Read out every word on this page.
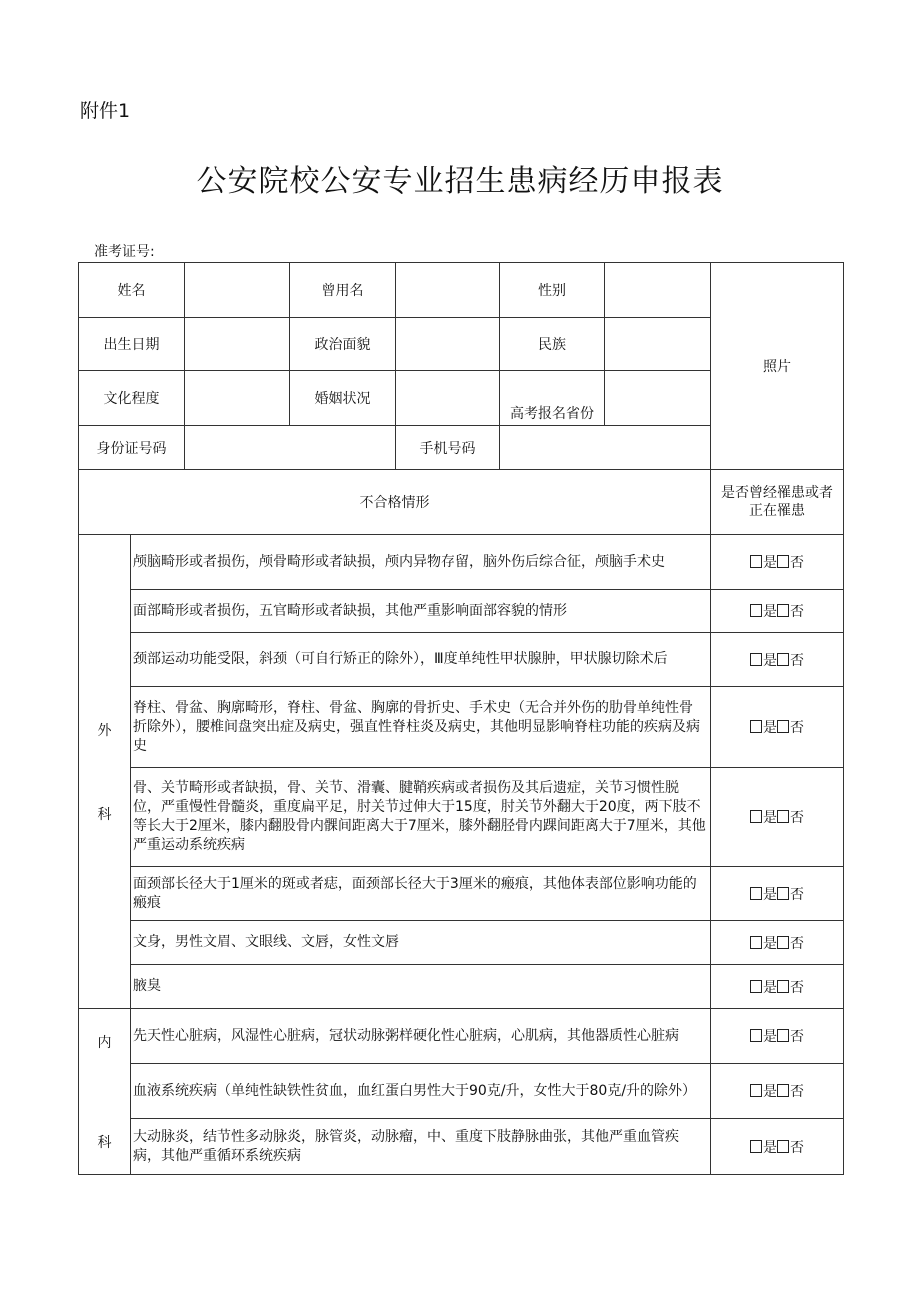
附件1
公安院校公安专业招生患病经历申报表
准考证号:
姓名			曾用名		性别		照片
出生日期			政治面貌		民族		
文化程度			婚姻状况		高考报名省份		
身份证号码				手机号码			
不合格情形							是否曾经罹患或者正在罹患

外
科	颅脑畸形或者损伤，颅骨畸形或者缺损，颅内异物存留，脑外伤后综合征，颅脑手术史						是 否
	面部畸形或者损伤，五官畸形或者缺损，其他严重影响面部容貌的情形						是 否
	颈部运动功能受限，斜颈（可自行矫正的除外），Ⅲ度单纯性甲状腺肿，甲状腺切除术后						是 否
	脊柱、骨盆、胸廓畸形，脊柱、骨盆、胸廓的骨折史、手术史（无合并外伤的肋骨单纯性骨折除外），腰椎间盘突出症及病史，强直性脊柱炎及病史，其他明显影响脊柱功能的疾病及病史						是 否
	骨、关节畸形或者缺损，骨、关节、滑囊、腱鞘疾病或者损伤及其后遗症，关节习惯性脱位，严重慢性骨髓炎，重度扁平足，肘关节过伸大于15度，肘关节外翻大于20度，两下肢不等长大于2厘米，膝内翻股骨内髁间距离大于7厘米，膝外翻胫骨内踝间距离大于7厘米，其他严重运动系统疾病						是 否
	面颈部长径大于1厘米的斑或者痣，面颈部长径大于3厘米的瘢痕，其他体表部位影响功能的瘢痕						是 否
	文身，男性文眉、文眼线、文唇，女性文唇						是 否
	腋臭						是 否

内
科	先天性心脏病，风湿性心脏病，冠状动脉粥样硬化性心脏病，心肌病，其他器质性心脏病						是 否
	血液系统疾病（单纯性缺铁性贫血，血红蛋白男性大于90克/升，女性大于80克/升的除外）						是 否
	大动脉炎，结节性多动脉炎，脉管炎，动脉瘤，中、重度下肢静脉曲张，其他严重血管疾病，其他严重循环系统疾病						是 否
